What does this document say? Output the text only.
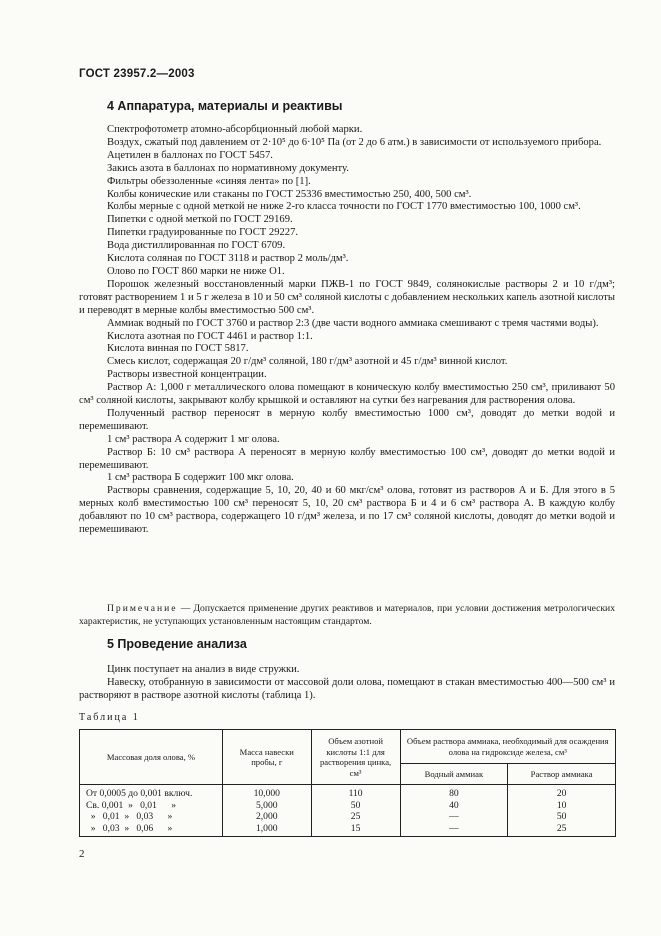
ГОСТ 23957.2—2003
4 Аппаратура, материалы и реактивы

Спектрофотометр атомно-абсорбционный любой марки.

Воздух, сжатый под давлением от 2·10⁵ до 6·10⁵ Па (от 2 до 6 атм.) в зависимости от используемого прибора.

Ацетилен в баллонах по ГОСТ 5457.

Закись азота в баллонах по нормативному документу.

Фильтры обеззоленные «синяя лента» по [1].

Колбы конические или стаканы по ГОСТ 25336 вместимостью 250, 400, 500 см³.

Колбы мерные с одной меткой не ниже 2-го класса точности по ГОСТ 1770 вместимостью 100, 1000 см³.

Пипетки с одной меткой по ГОСТ 29169.

Пипетки градуированные по ГОСТ 29227.

Вода дистиллированная по ГОСТ 6709.

Кислота соляная по ГОСТ 3118 и раствор 2 моль/дм³.

Олово по ГОСТ 860 марки не ниже О1.

Порошок железный восстановленный марки ПЖВ-1 по ГОСТ 9849, солянокислые растворы 2 и 10 г/дм³; готовят растворением 1 и 5 г железа в 10 и 50 см³ соляной кислоты с добавлением нескольких капель азотной кислоты и переводят в мерные колбы вместимостью 500 см³.

Аммиак водный по ГОСТ 3760 и раствор 2:3 (две части водного аммиака смешивают с тремя частями воды).

Кислота азотная по ГОСТ 4461 и раствор 1:1.

Кислота винная по ГОСТ 5817.

Смесь кислот, содержащая 20 г/дм³ соляной, 180 г/дм³ азотной и 45 г/дм³ винной кислот.

Растворы известной концентрации.

Раствор А: 1,000 г металлического олова помещают в коническую колбу вместимостью 250 см³, приливают 50 см³ соляной кислоты, закрывают колбу крышкой и оставляют на сутки без нагревания для растворения олова.

Полученный раствор переносят в мерную колбу вместимостью 1000 см³, доводят до метки водой и перемешивают.

1 см³ раствора А содержит 1 мг олова.

Раствор Б: 10 см³ раствора А переносят в мерную колбу вместимостью 100 см³, доводят до метки водой и перемешивают.

1 см³ раствора Б содержит 100 мкг олова.

Растворы сравнения, содержащие 5, 10, 20, 40 и 60 мкг/см³ олова, готовят из растворов А и Б. Для этого в 5 мерных колб вместимостью 100 см³ переносят 5, 10, 20 см³ раствора Б и 4 и 6 см³ раствора А. В каждую колбу добавляют по 10 см³ раствора, содержащего 10 г/дм³ железа, и по 17 см³ соляной кислоты, доводят до метки водой и перемешивают.

Примечание — Допускается применение других реактивов и материалов, при условии достижения метрологических характеристик, не уступающих установленным настоящим стандартом.
5 Проведение анализа

Цинк поступает на анализ в виде стружки.

Навеску, отобранную в зависимости от массовой доли олова, помещают в стакан вместимостью 400—500 см³ и растворяют в растворе азотной кислоты (таблица 1).

Таблица 1
Массовая доля олова, %	Масса навески пробы, г	Объем азотной кислоты 1:1 для растворения цинка, см³	Объем раствора аммиака, необходимый для осаждения олова на гидроксиде железа, см³	
			Водный аммиак	Раствор аммиака
От 0,0005 до 0,001 включ.	10,000	110	80	20
Св. 0,001  »   0,01      »	5,000	50	40	10
»   0,01  »   0,03      »	2,000	25	—	50
»   0,03  »   0,06      »	1,000	15	—	25
2
